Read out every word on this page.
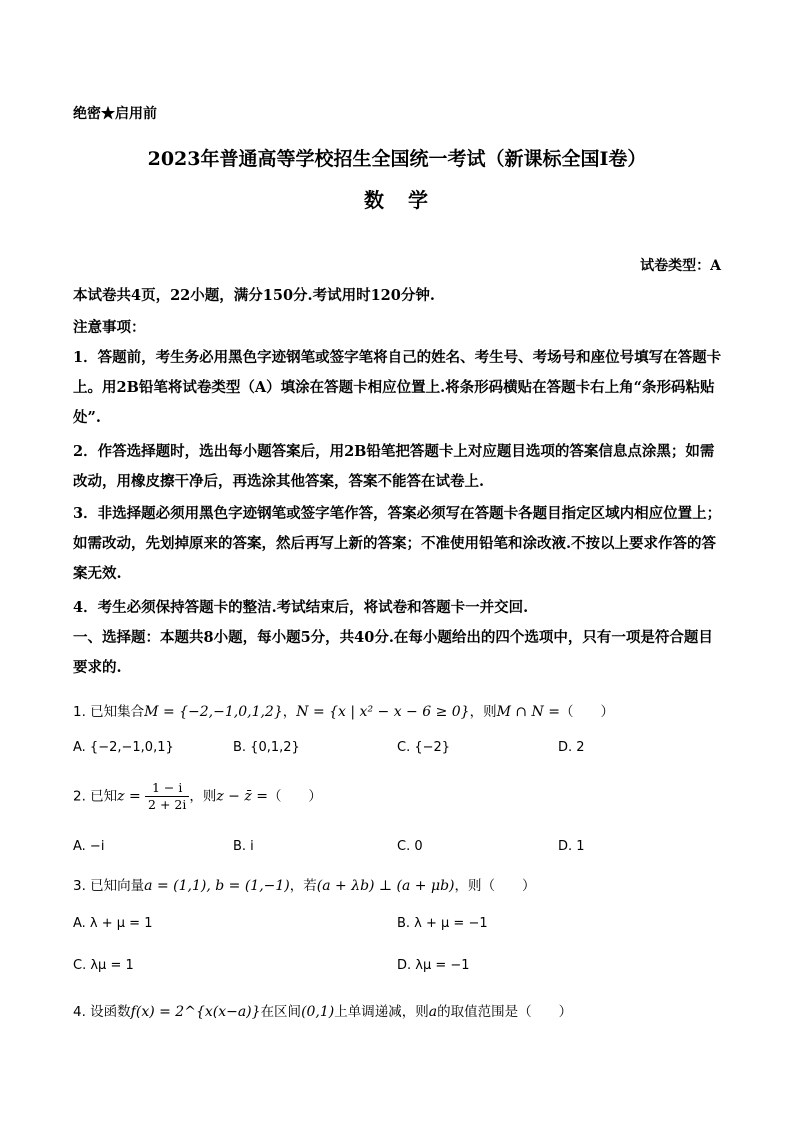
绝密★启用前
2023年普通高等学校招生全国统一考试（新课标全国Ⅰ卷）
数　学
试卷类型：A
本试卷共4页，22小题，满分150分.考试用时120分钟.
注意事项：
1．答题前，考生务必用黑色字迹钢笔或签字笔将自己的姓名、考生号、考场号和座位号填写在答题卡上。用2B铅笔将试卷类型（A）填涂在答题卡相应位置上.将条形码横贴在答题卡右上角“条形码粘贴处”.
2．作答选择题时，选出每小题答案后，用2B铅笔把答题卡上对应题目选项的答案信息点涂黑；如需改动，用橡皮擦干净后，再选涂其他答案，答案不能答在试卷上.
3．非选择题必须用黑色字迹钢笔或签字笔作答，答案必须写在答题卡各题目指定区域内相应位置上；如需改动，先划掉原来的答案，然后再写上新的答案；不准使用铅笔和涂改液.不按以上要求作答的答案无效.
4．考生必须保持答题卡的整洁.考试结束后，将试卷和答题卡一并交回.
一、选择题：本题共8小题，每小题5分，共40分.在每小题给出的四个选项中，只有一项是符合题目要求的.
1. 已知集合M = {−2,−1,0,1,2}，N = {x | x² − x − 6 ≥ 0}，则M ∩ N =（　　）
A. {−2,−1,0,1}	B. {0,1,2}	C. {−2}	D. 2
2. 已知$z = \frac{1 - i}{2 + 2i}$ ，则z − z̄ =（　　）
A. −i	B. i	C. 0	D. 1
3. 已知向量a = (1,1), b = (1,−1)，若(a + λb) ⊥ (a + μb)，则（　　）
A. λ + μ = 1	B. λ + μ = −1
C. λμ = 1	D. λμ = −1
4. 设函数f(x) = 2^{x(x−a)}在区间(0,1)上单调递减，则a的取值范围是（　　）
